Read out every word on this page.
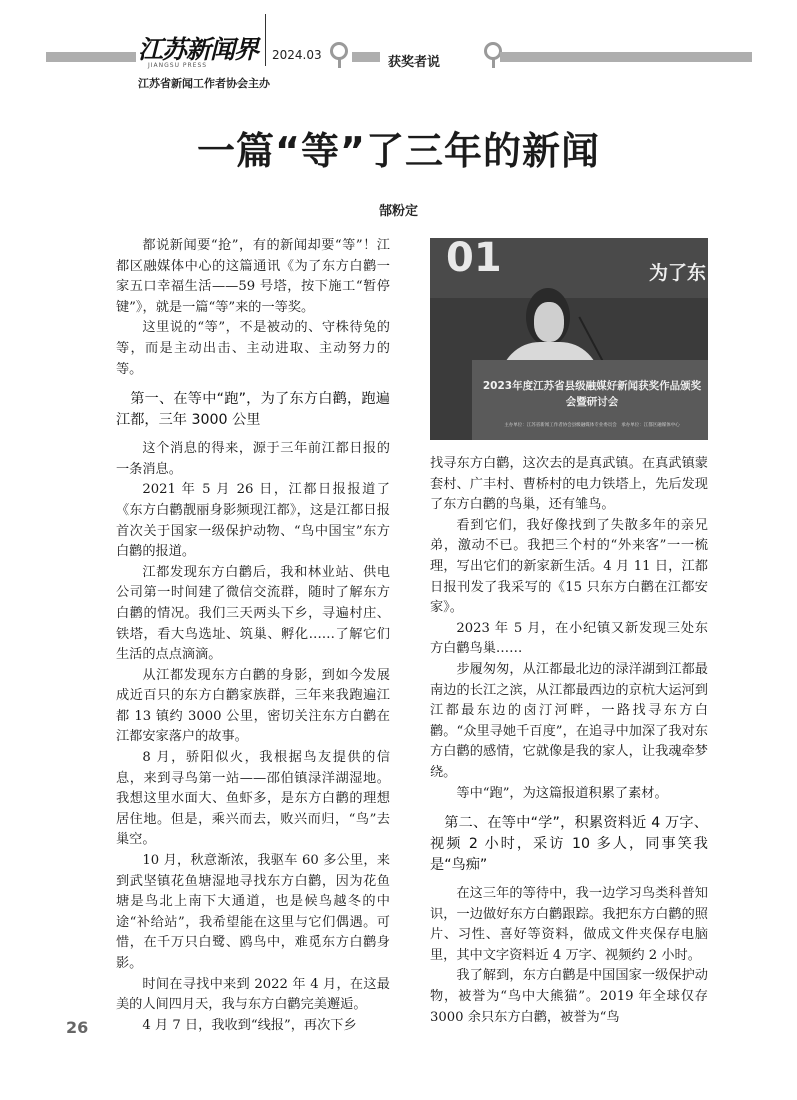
江苏新闻界
JIANGSU PRESS
2024.03	获奖者说
江苏省新闻工作者协会主办
一篇“等”了三年的新闻
郜粉定
01	为了东
2023年度江苏省县级融媒好新闻获奖作品颁奖会暨研讨会
主办单位：江苏省新闻工作者协会县级融媒体专业委员会　承办单位：江都区融媒体中心

都说新闻要“抢”，有的新闻却要“等”！江都区融媒体中心的这篇通讯《为了东方白鹳一家五口幸福生活——59 号塔，按下施工“暂停键”》，就是一篇“等”来的一等奖。

这里说的“等”，不是被动的、守株待兔的等，而是主动出击、主动进取、主动努力的等。

第一、在等中“跑”，为了东方白鹳，跑遍江都，三年 3000 公里

这个消息的得来，源于三年前江都日报的一条消息。

2021 年 5 月 26 日，江都日报报道了《东方白鹳靓丽身影频现江都》，这是江都日报首次关于国家一级保护动物、“鸟中国宝”东方白鹳的报道。

江都发现东方白鹳后，我和林业站、供电公司第一时间建了微信交流群，随时了解东方白鹳的情况。我们三天两头下乡，寻遍村庄、铁塔，看大鸟选址、筑巢、孵化……了解它们生活的点点滴滴。

从江都发现东方白鹳的身影，到如今发展成近百只的东方白鹳家族群，三年来我跑遍江都 13 镇约 3000 公里，密切关注东方白鹳在江都安家落户的故事。

8 月，骄阳似火，我根据鸟友提供的信息，来到寻鸟第一站——邵伯镇渌洋湖湿地。我想这里水面大、鱼虾多，是东方白鹳的理想居住地。但是，乘兴而去，败兴而归，“鸟”去巢空。

10 月，秋意渐浓，我驱车 60 多公里，来到武坚镇花鱼塘湿地寻找东方白鹳，因为花鱼塘是鸟北上南下大通道，也是候鸟越冬的中途“补给站”，我希望能在这里与它们偶遇。可惜，在千万只白鹭、鸥鸟中，难觅东方白鹳身影。

时间在寻找中来到 2022 年 4 月，在这最美的人间四月天，我与东方白鹳完美邂逅。

4 月 7 日，我收到“线报”，再次下乡

找寻东方白鹳，这次去的是真武镇。在真武镇蒙套村、广丰村、曹桥村的电力铁塔上，先后发现了东方白鹳的鸟巢，还有雏鸟。

看到它们，我好像找到了失散多年的亲兄弟，激动不已。我把三个村的“外来客”一一梳理，写出它们的新家新生活。4 月 11 日，江都日报刊发了我采写的《15 只东方白鹳在江都安家》。

2023 年 5 月，在小纪镇又新发现三处东方白鹳鸟巢……

步履匆匆，从江都最北边的渌洋湖到江都最南边的长江之滨，从江都最西边的京杭大运河到江都最东边的卤汀河畔，一路找寻东方白鹳。“众里寻她千百度”，在追寻中加深了我对东方白鹳的感情，它就像是我的家人，让我魂牵梦绕。

等中“跑”，为这篇报道积累了素材。

第二、在等中“学”，积累资料近 4 万字、视频 2 小时，采访 10 多人，同事笑我是“鸟痴”

在这三年的等待中，我一边学习鸟类科普知识，一边做好东方白鹳跟踪。我把东方白鹳的照片、习性、喜好等资料，做成文件夹保存电脑里，其中文字资料近 4 万字、视频约 2 小时。

我了解到，东方白鹳是中国国家一级保护动物，被誉为“鸟中大熊猫”。2019 年全球仅存 3000 余只东方白鹳，被誉为“鸟

26
